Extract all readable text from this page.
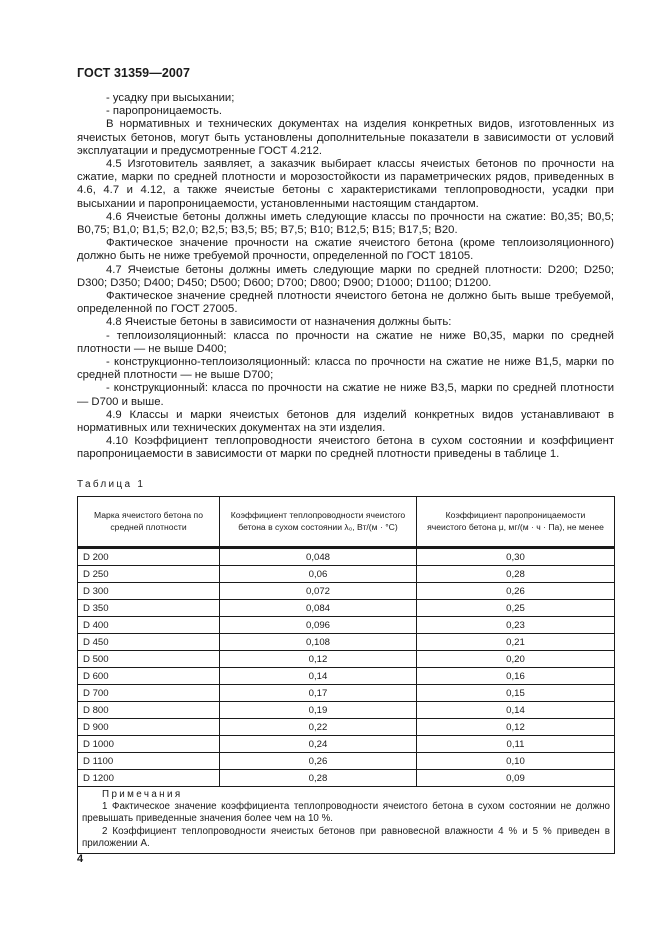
ГОСТ 31359—2007

- усадку при высыхании;

- паропроницаемость.

В нормативных и технических документах на изделия конкретных видов, изготовленных из ячеистых бетонов, могут быть установлены дополнительные показатели в зависимости от условий эксплуатации и предусмотренные ГОСТ 4.212.

4.5 Изготовитель заявляет, а заказчик выбирает классы ячеистых бетонов по прочности на сжатие, марки по средней плотности и морозостойкости из параметрических рядов, приведенных в 4.6, 4.7 и 4.12, а также ячеистые бетоны с характеристиками теплопроводности, усадки при высыхании и паропроницаемости, установленными настоящим стандартом.

4.6 Ячеистые бетоны должны иметь следующие классы по прочности на сжатие: B0,35; B0,5; B0,75; B1,0; B1,5; B2,0; B2,5; B3,5; B5; B7,5; B10; B12,5; B15; B17,5; B20.

Фактическое значение прочности на сжатие ячеистого бетона (кроме теплоизоляционного) должно быть не ниже требуемой прочности, определенной по ГОСТ 18105.

4.7 Ячеистые бетоны должны иметь следующие марки по средней плотности: D200; D250; D300; D350; D400; D450; D500; D600; D700; D800; D900; D1000; D1100; D1200.

Фактическое значение средней плотности ячеистого бетона не должно быть выше требуемой, определенной по ГОСТ 27005.

4.8 Ячеистые бетоны в зависимости от назначения должны быть:

- теплоизоляционный: класса по прочности на сжатие не ниже B0,35, марки по средней плотности — не выше D400;

- конструкционно-теплоизоляционный: класса по прочности на сжатие не ниже B1,5, марки по средней плотности — не выше D700;

- конструкционный: класса по прочности на сжатие не ниже B3,5, марки по средней плотности — D700 и выше.

4.9 Классы и марки ячеистых бетонов для изделий конкретных видов устанавливают в нормативных или технических документах на эти изделия.

4.10 Коэффициент теплопроводности ячеистого бетона в сухом состоянии и коэффициент паропроницаемости в зависимости от марки по средней плотности приведены в таблице 1.

Таблица 1
Марка ячеистого бетона по средней плотности	Коэффициент теплопроводности ячеистого бетона в сухом состоянии λ₀, Вт/(м · °С)	Коэффициент паропроницаемости ячеистого бетона μ, мг/(м · ч · Па), не менее
D 200	0,048	0,30
D 250	0,06	0,28
D 300	0,072	0,26
D 350	0,084	0,25
D 400	0,096	0,23
D 450	0,108	0,21
D 500	0,12	0,20
D 600	0,14	0,16
D 700	0,17	0,15
D 800	0,19	0,14
D 900	0,22	0,12
D 1000	0,24	0,11
D 1100	0,26	0,10
D 1200	0,28	0,09

Примечания
1 Фактическое значение коэффициента теплопроводности ячеистого бетона в сухом состоянии не должно превышать приведенные значения более чем на 10 %.
2 Коэффициент теплопроводности ячеистых бетонов при равновесной влажности 4 % и 5 % приведен в приложении А.		
4
